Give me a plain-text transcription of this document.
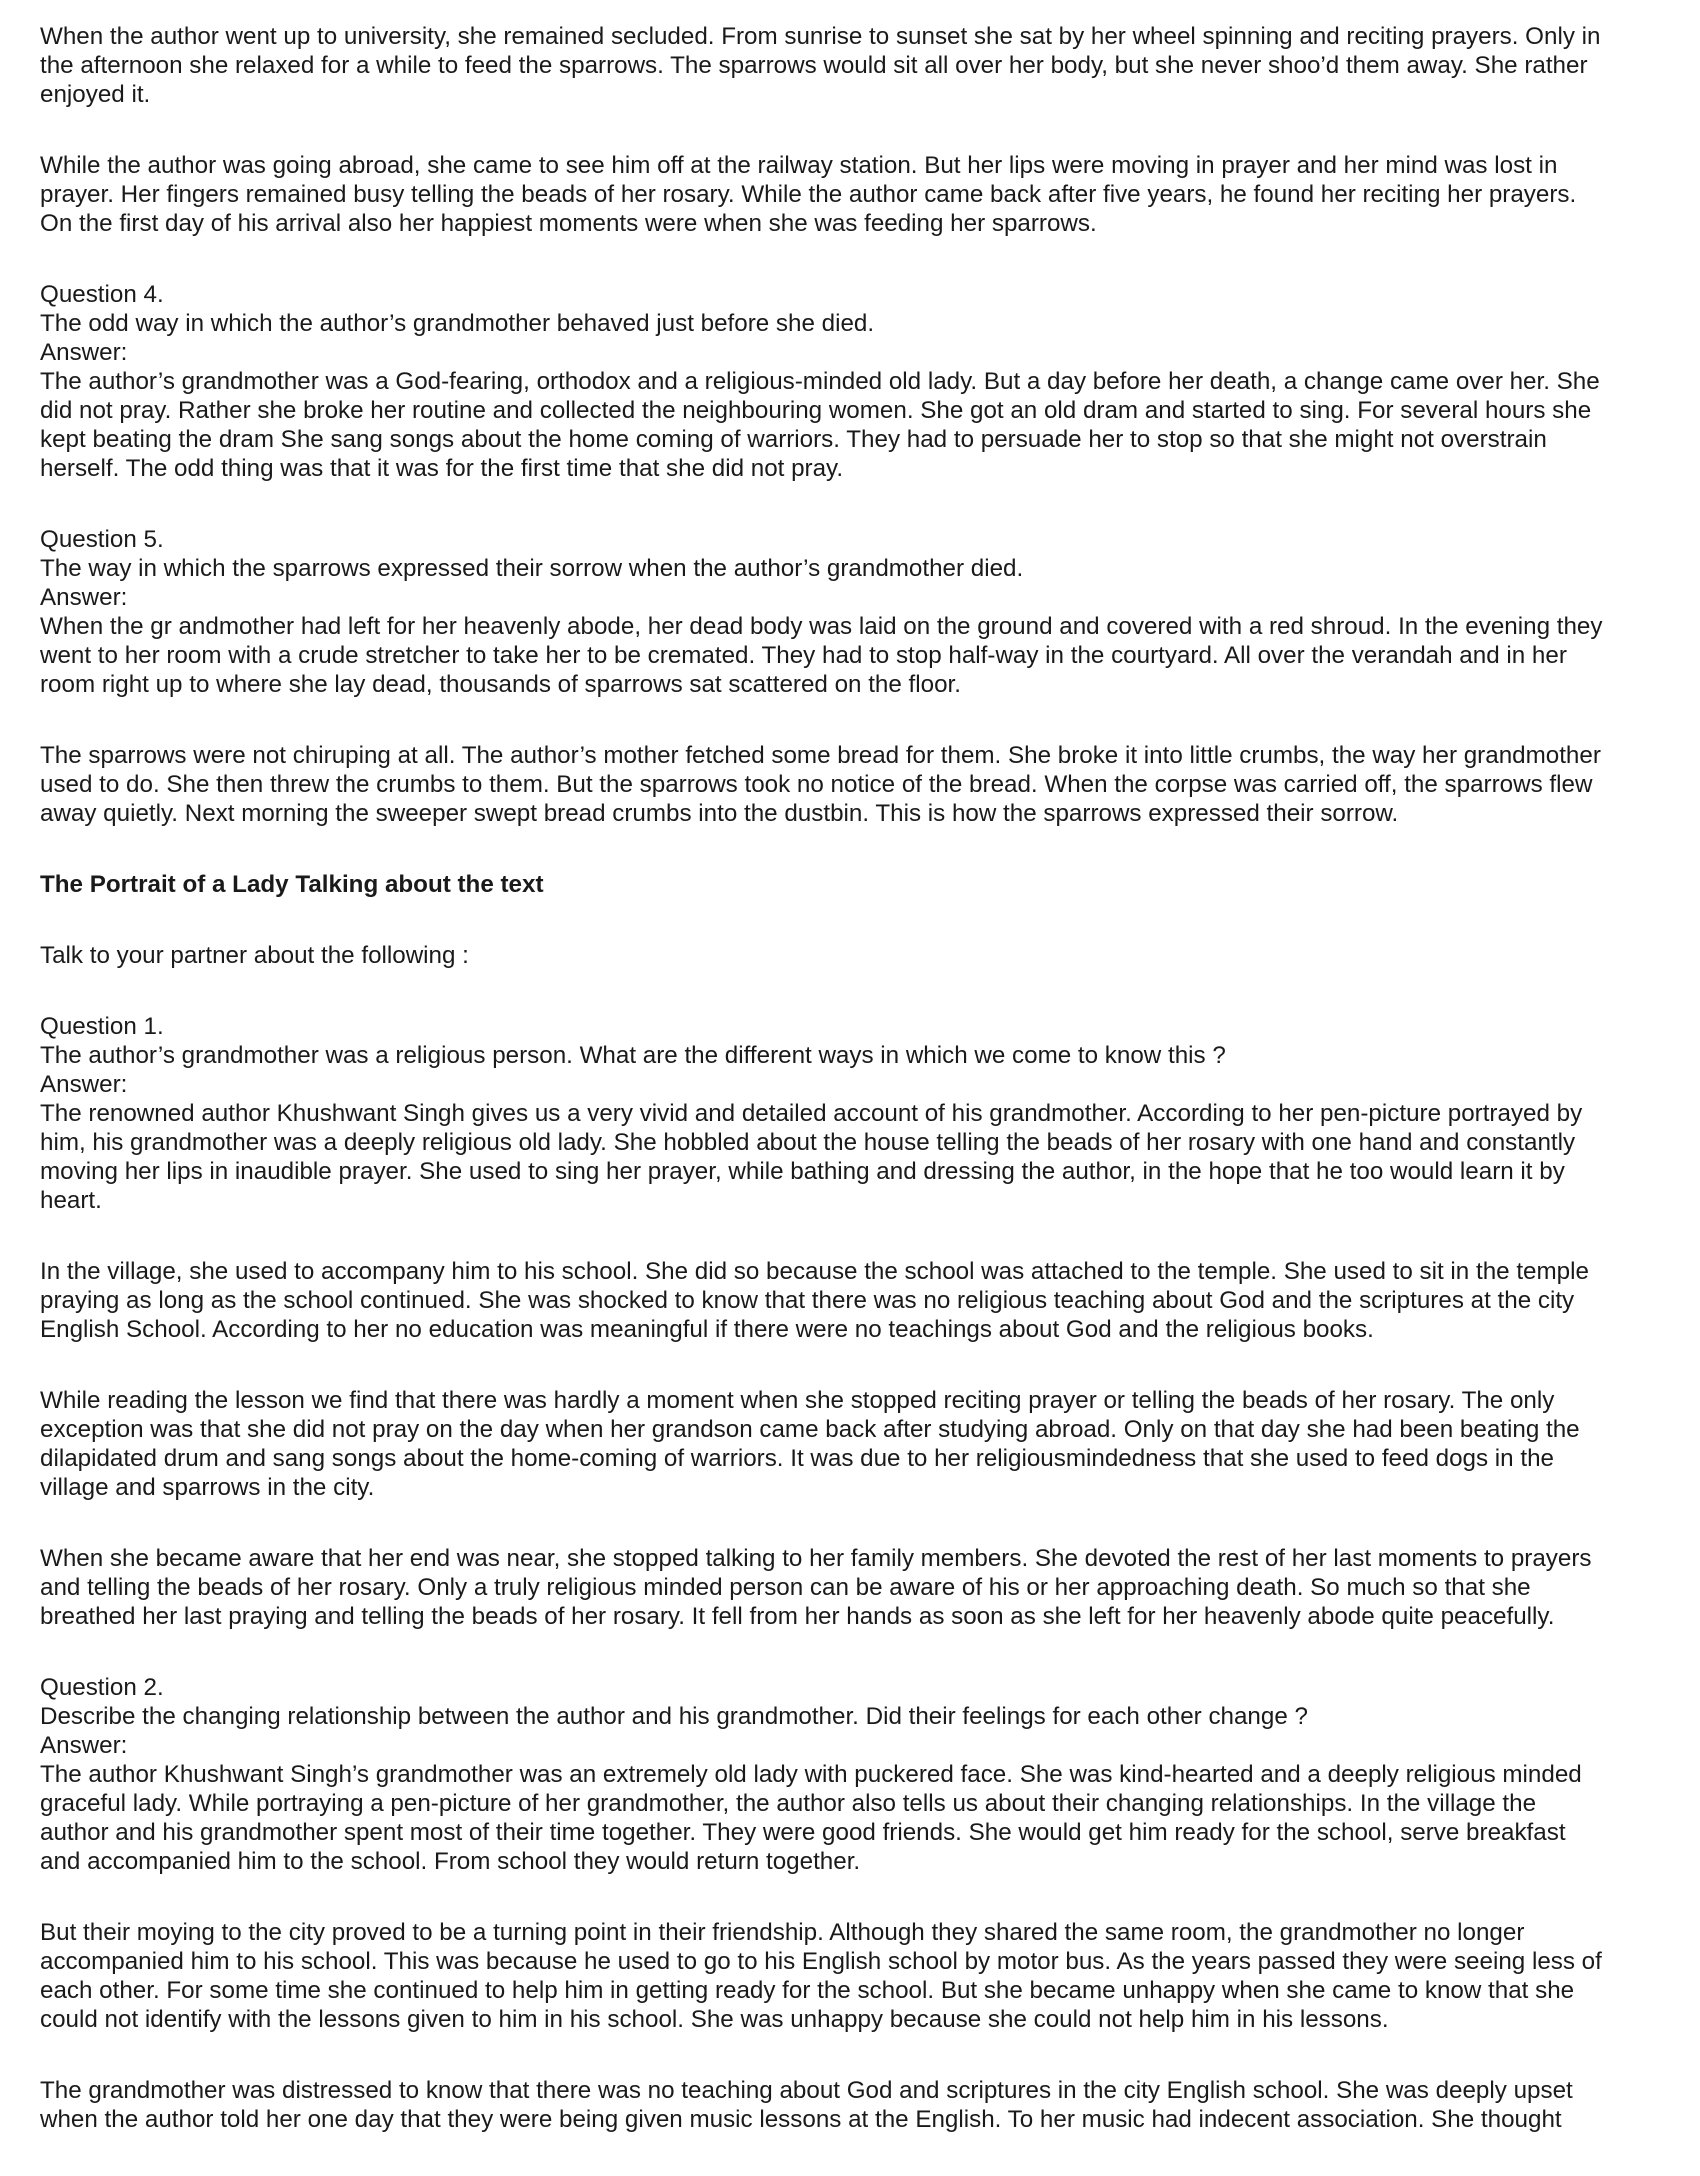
When the author went up to university, she remained secluded. From sunrise to sunset she sat by her wheel spinning and reciting prayers. Only in
the afternoon she relaxed for a while to feed the sparrows. The sparrows would sit all over her body, but she never shoo’d them away. She rather
enjoyed it.
While the author was going abroad, she came to see him off at the railway station. But her lips were moving in prayer and her mind was lost in
prayer. Her fingers remained busy telling the beads of her rosary. While the author came back after five years, he found her reciting her prayers.
On the first day of his arrival also her happiest moments were when she was feeding her sparrows.
Question 4.
The odd way in which the author’s grandmother behaved just before she died.
Answer:
The author’s grandmother was a God-fearing, orthodox and a religious-minded old lady. But a day before her death, a change came over her. She
did not pray. Rather she broke her routine and collected the neighbouring women. She got an old dram and started to sing. For several hours she
kept beating the dram She sang songs about the home coming of warriors. They had to persuade her to stop so that she might not overstrain
herself. The odd thing was that it was for the first time that she did not pray.
Question 5.
The way in which the sparrows expressed their sorrow when the author’s grandmother died.
Answer:
When the gr andmother had left for her heavenly abode, her dead body was laid on the ground and covered with a red shroud. In the evening they
went to her room with a crude stretcher to take her to be cremated. They had to stop half-way in the courtyard. All over the verandah and in her
room right up to where she lay dead, thousands of sparrows sat scattered on the floor.
The sparrows were not chiruping at all. The author’s mother fetched some bread for them. She broke it into little crumbs, the way her grandmother
used to do. She then threw the crumbs to them. But the sparrows took no notice of the bread. When the corpse was carried off, the sparrows flew
away quietly. Next morning the sweeper swept bread crumbs into the dustbin. This is how the sparrows expressed their sorrow.
The Portrait of a Lady Talking about the text
Talk to your partner about the following :
Question 1.
The author’s grandmother was a religious person. What are the different ways in which we come to know this ?
Answer:
The renowned author Khushwant Singh gives us a very vivid and detailed account of his grandmother. According to her pen-picture portrayed by
him, his grandmother was a deeply religious old lady. She hobbled about the house telling the beads of her rosary with one hand and constantly
moving her lips in inaudible prayer. She used to sing her prayer, while bathing and dressing the author, in the hope that he too would learn it by
heart.
In the village, she used to accompany him to his school. She did so because the school was attached to the temple. She used to sit in the temple
praying as long as the school continued. She was shocked to know that there was no religious teaching about God and the scriptures at the city
English School. According to her no education was meaningful if there were no teachings about God and the religious books.
While reading the lesson we find that there was hardly a moment when she stopped reciting prayer or telling the beads of her rosary. The only
exception was that she did not pray on the day when her grandson came back after studying abroad. Only on that day she had been beating the
dilapidated drum and sang songs about the home-coming of warriors. It was due to her religiousmindedness that she used to feed dogs in the
village and sparrows in the city.
When she became aware that her end was near, she stopped talking to her family members. She devoted the rest of her last moments to prayers
and telling the beads of her rosary. Only a truly religious minded person can be aware of his or her approaching death. So much so that she
breathed her last praying and telling the beads of her rosary. It fell from her hands as soon as she left for her heavenly abode quite peacefully.
Question 2.
Describe the changing relationship between the author and his grandmother. Did their feelings for each other change ?
Answer:
The author Khushwant Singh’s grandmother was an extremely old lady with puckered face. She was kind-hearted and a deeply religious minded
graceful lady. While portraying a pen-picture of her grandmother, the author also tells us about their changing relationships. In the village the
author and his grandmother spent most of their time together. They were good friends. She would get him ready for the school, serve breakfast
and accompanied him to the school. From school they would return together.
But their moying to the city proved to be a turning point in their friendship. Although they shared the same room, the grandmother no longer
accompanied him to his school. This was because he used to go to his English school by motor bus. As the years passed they were seeing less of
each other. For some time she continued to help him in getting ready for the school. But she became unhappy when she came to know that she
could not identify with the lessons given to him in his school. She was unhappy because she could not help him in his lessons.
The grandmother was distressed to know that there was no teaching about God and scriptures in the city English school. She was deeply upset
when the author told her one day that they were being given music lessons at the English. To her music had indecent association. She thought
